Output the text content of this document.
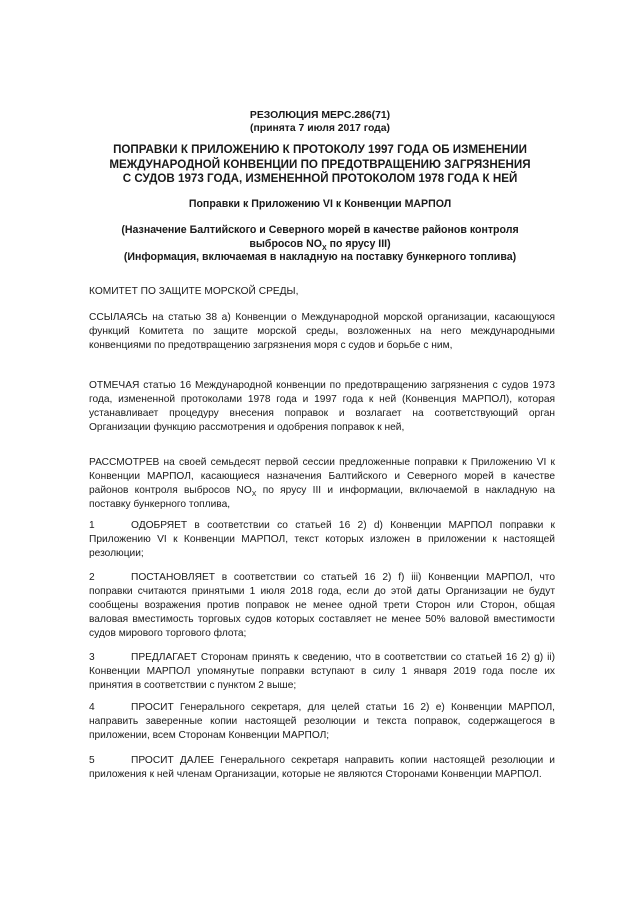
РЕЗОЛЮЦИЯ MEPC.286(71)
(принята 7 июля 2017 года)

ПОПРАВКИ К ПРИЛОЖЕНИЮ К ПРОТОКОЛУ 1997 ГОДА ОБ ИЗМЕНЕНИИ
МЕЖДУНАРОДНОЙ КОНВЕНЦИИ ПО ПРЕДОТВРАЩЕНИЮ ЗАГРЯЗНЕНИЯ
С СУДОВ 1973 ГОДА, ИЗМЕНЕННОЙ ПРОТОКОЛОМ 1978 ГОДА К НЕЙ

Поправки к Приложению VI к Конвенции МАРПОЛ

(Назначение Балтийского и Северного морей в качестве районов контроля
выбросов $NO_X$ по ярусу III)
(Информация, включаемая в накладную на поставку бункерного топлива)

КОМИТЕТ ПО ЗАЩИТЕ МОРСКОЙ СРЕДЫ,

ССЫЛАЯСЬ на статью 38 a) Конвенции о Международной морской организации, касающуюся функций Комитета по защите морской среды, возложенных на него международными конвенциями по предотвращению загрязнения моря с судов и борьбе с ним,

ОТМЕЧАЯ статью 16 Международной конвенции по предотвращению загрязнения с судов 1973 года, измененной протоколами 1978 года и 1997 года к ней (Конвенция МАРПОЛ), которая устанавливает процедуру внесения поправок и возлагает на соответствующий орган Организации функцию рассмотрения и одобрения поправок к ней,

РАССМОТРЕВ на своей семьдесят первой сессии предложенные поправки к Приложению VI к Конвенции МАРПОЛ, касающиеся назначения Балтийского и Северного морей в качестве районов контроля выбросов $NO_X$ по ярусу III и информации, включаемой в накладную на поставку бункерного топлива,

1	ОДОБРЯЕТ в соответствии со статьей 16 2) d) Конвенции МАРПОЛ поправки к Приложению VI к Конвенции МАРПОЛ, текст которых изложен в приложении к настоящей резолюции;

2	ПОСТАНОВЛЯЕТ в соответствии со статьей 16 2) f) iii) Конвенции МАРПОЛ, что поправки считаются принятыми 1 июля 2018 года, если до этой даты Организации не будут сообщены возражения против поправок не менее одной трети Сторон или Сторон, общая валовая вместимость торговых судов которых составляет не менее 50% валовой вместимости судов мирового торгового флота;

3	ПРЕДЛАГАЕТ Сторонам принять к сведению, что в соответствии со статьей 16 2) g) ii) Конвенции МАРПОЛ упомянутые поправки вступают в силу 1 января 2019 года после их принятия в соответствии с пунктом 2 выше;

4	ПРОСИТ Генерального секретаря, для целей статьи 16 2) e) Конвенции МАРПОЛ, направить заверенные копии настоящей резолюции и текста поправок, содержащегося в приложении, всем Сторонам Конвенции МАРПОЛ;

5	ПРОСИТ ДАЛЕЕ Генерального секретаря направить копии настоящей резолюции и приложения к ней членам Организации, которые не являются Сторонами Конвенции МАРПОЛ.
